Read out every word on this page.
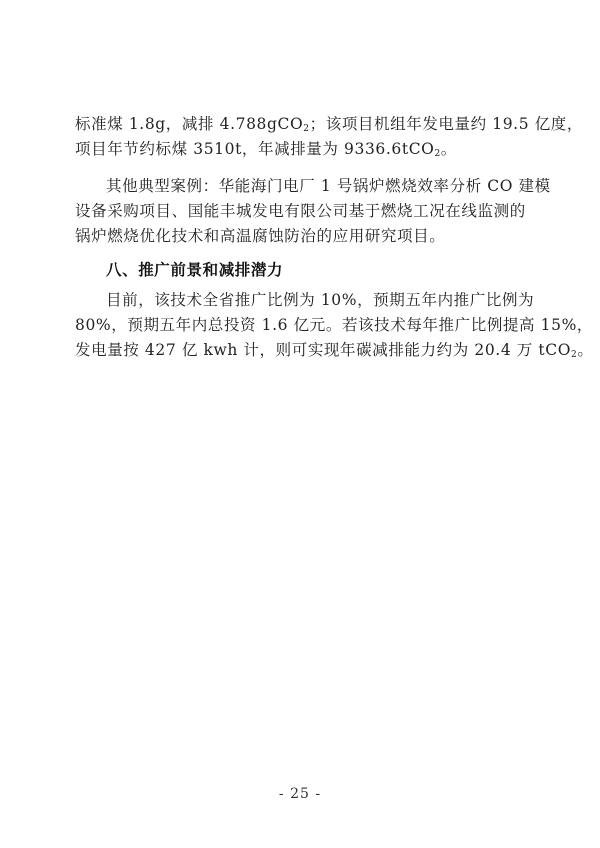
标准煤 1.8g，减排 4.788gCO$_2$；该项目机组年发电量约 19.5 亿度，
项目年节约标煤 3510t，年减排量为 9336.6tCO$_2$。
其他典型案例：华能海门电厂 1 号锅炉燃烧效率分析 CO 建模
设备采购项目、国能丰城发电有限公司基于燃烧工况在线监测的
锅炉燃烧优化技术和高温腐蚀防治的应用研究项目。
八、推广前景和减排潜力
目前，该技术全省推广比例为 10%，预期五年内推广比例为
80%，预期五年内总投资 1.6 亿元。若该技术每年推广比例提高 15%，
发电量按 427 亿 kwh 计，则可实现年碳减排能力约为 20.4 万 tCO$_2$。
- 25 -
